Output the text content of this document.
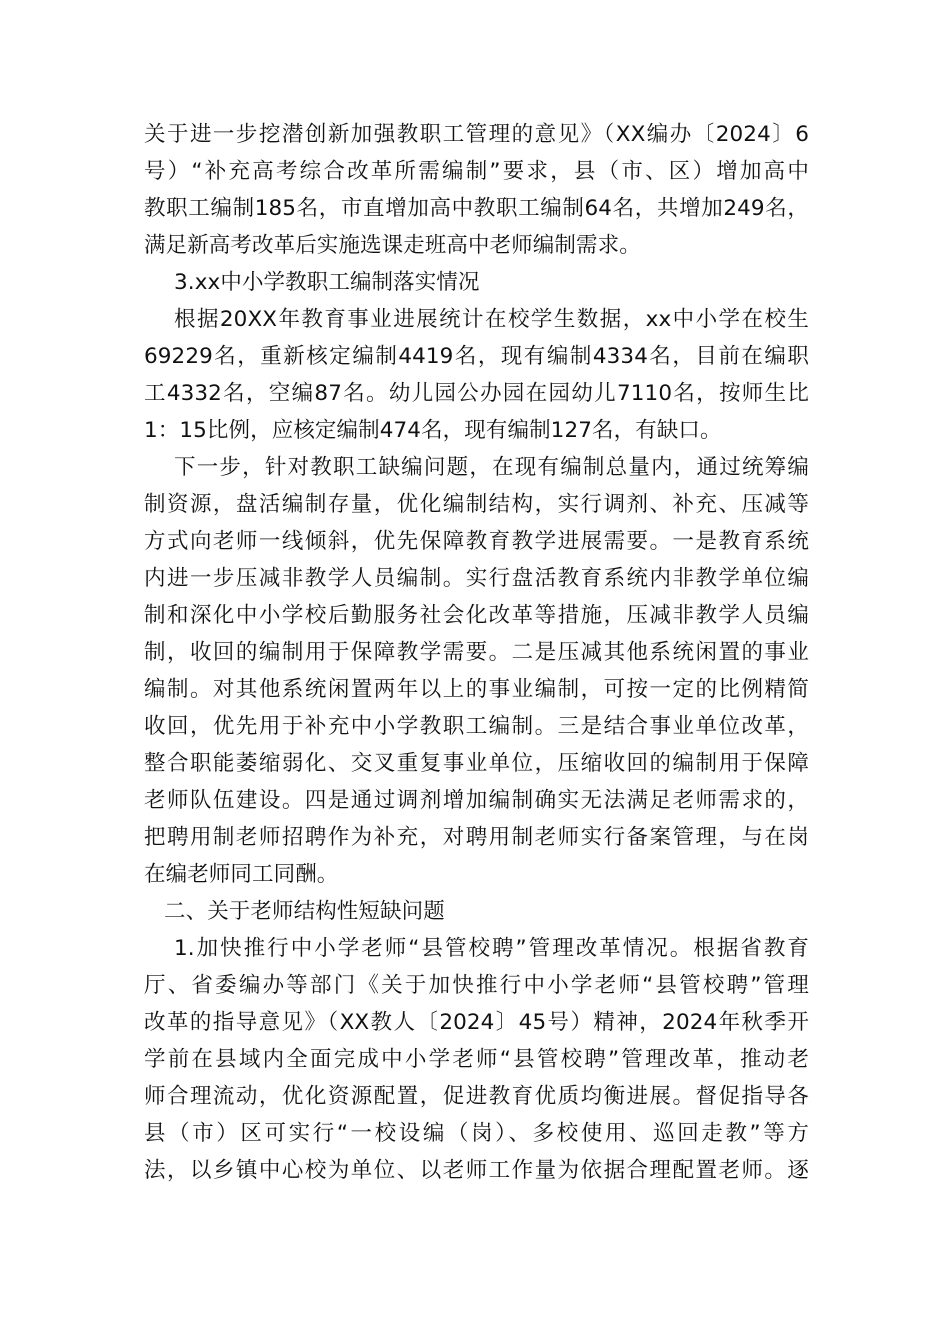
关于进一步挖潜创新加强教职工管理的意见》（XX编办〔2024〕6
号）“补充高考综合改革所需编制”要求，县（市、区）增加高中
教职工编制185名，市直增加高中教职工编制64名，共增加249名，
满足新高考改革后实施选课走班高中老师编制需求。
3.xx中小学教职工编制落实情况
根据20XX年教育事业进展统计在校学生数据，xx中小学在校生
69229名，重新核定编制4419名，现有编制4334名，目前在编职
工4332名，空编87名。幼儿园公办园在园幼儿7110名，按师生比
1：15比例，应核定编制474名，现有编制127名，有缺口。
下一步，针对教职工缺编问题，在现有编制总量内，通过统筹编
制资源，盘活编制存量，优化编制结构，实行调剂、补充、压减等
方式向老师一线倾斜，优先保障教育教学进展需要。一是教育系统
内进一步压减非教学人员编制。实行盘活教育系统内非教学单位编
制和深化中小学校后勤服务社会化改革等措施，压减非教学人员编
制，收回的编制用于保障教学需要。二是压减其他系统闲置的事业
编制。对其他系统闲置两年以上的事业编制，可按一定的比例精简
收回，优先用于补充中小学教职工编制。三是结合事业单位改革，
整合职能萎缩弱化、交叉重复事业单位，压缩收回的编制用于保障
老师队伍建设。四是通过调剂增加编制确实无法满足老师需求的，
把聘用制老师招聘作为补充，对聘用制老师实行备案管理，与在岗
在编老师同工同酬。
二、关于老师结构性短缺问题
1.加快推行中小学老师“县管校聘”管理改革情况。根据省教育
厅、省委编办等部门《关于加快推行中小学老师“县管校聘”管理
改革的指导意见》（XX教人〔2024〕45号）精神，2024年秋季开
学前在县域内全面完成中小学老师“县管校聘”管理改革，推动老
师合理流动，优化资源配置，促进教育优质均衡进展。督促指导各
县（市）区可实行“一校设编（岗）、多校使用、巡回走教”等方
法，以乡镇中心校为单位、以老师工作量为依据合理配置老师。逐
